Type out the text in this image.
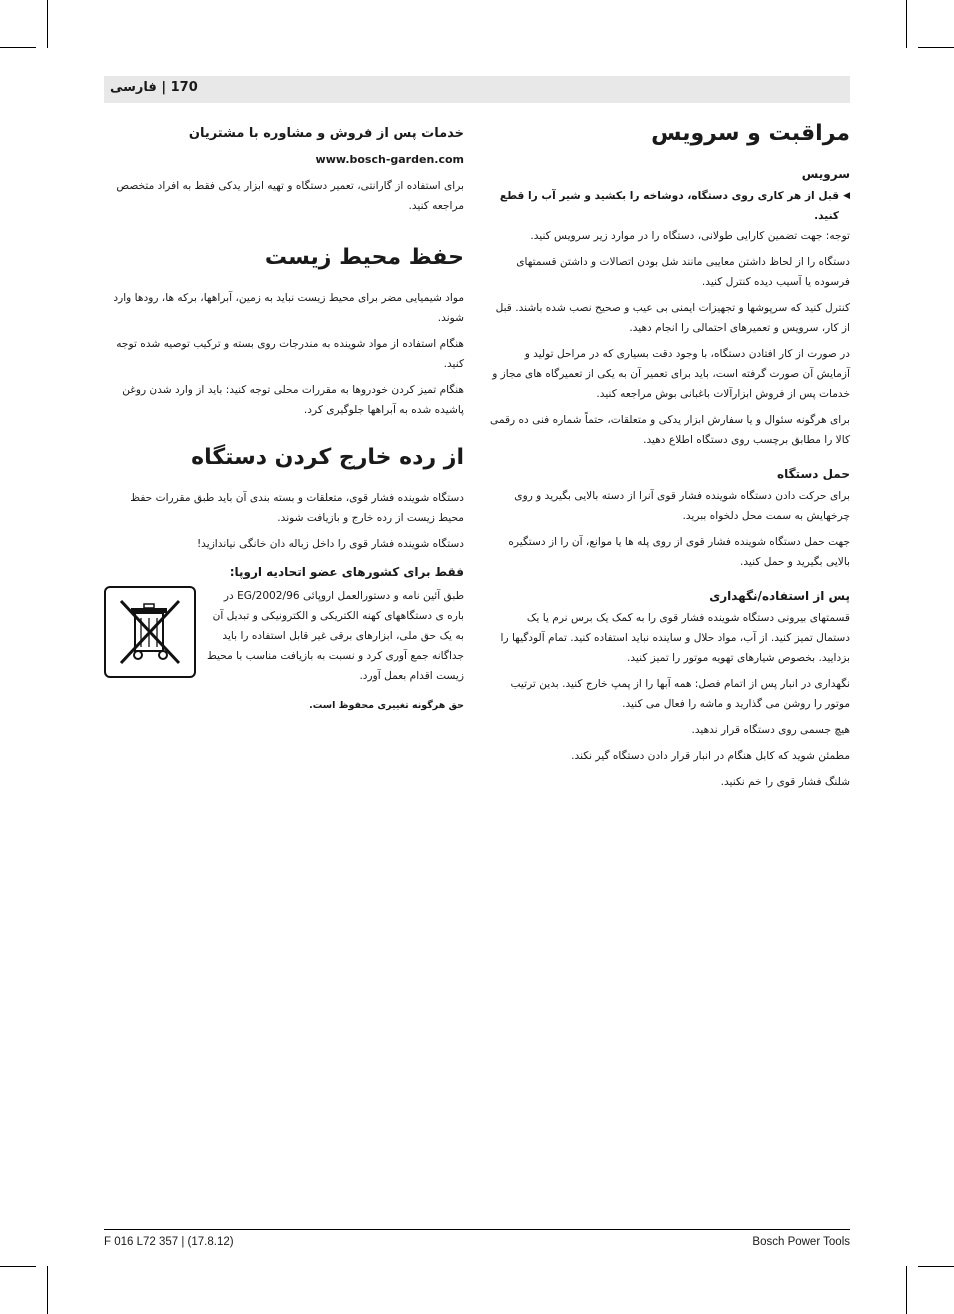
170 | فارسی
مراقبت و سرویس
سرویس
◀
قبل از هر کاری روی دستگاه، دوشاخه را بکشید و شیر آب را قطع کنید.

توجه: جهت تضمین کارایی طولانی، دستگاه را در موارد زیر سرویس کنید.

دستگاه را از لحاظ داشتن معایبی مانند شل بودن اتصالات و داشتن قسمتهای فرسوده یا آسیب دیده کنترل کنید.

کنترل کنید که سرپوشها و تجهیزات ایمنی بی عیب و صحیح نصب شده باشند. قبل از کار، سرویس و تعمیرهای احتمالی را انجام دهید.

در صورت از کار افتادن دستگاه، با وجود دقت بسیاری که در مراحل تولید و آزمایش آن صورت گرفته است، باید برای تعمیر آن به یکی از تعمیرگاه های مجاز و خدمات پس از فروش ابزارآلات باغبانی بوش مراجعه کنید.

برای هرگونه سئوال و یا سفارش ابزار یدکی و متعلقات، حتماً شماره فنی ده رقمی کالا را مطابق برچسب روی دستگاه اطلاع دهید.

حمل دستگاه

برای حرکت دادن دستگاه شوینده فشار قوی آنرا از دسته بالایی بگیرید و روی چرخهایش به سمت محل دلخواه ببرید.

جهت حمل دستگاه شوینده فشار قوی از روی پله ها یا موانع، آن را از دستگیره بالایی بگیرید و حمل کنید.

پس از استفاده/نگهداری

قسمتهای بیرونی دستگاه شوینده فشار قوی را به کمک یک برس نرم یا یک دستمال تمیز کنید. از آب، مواد حلال و ساینده نباید استفاده کنید. تمام آلودگیها را بزدایید. بخصوص شیارهای تهویه موتور را تمیز کنید.

نگهداری در انبار پس از اتمام فصل: همه آبها را از پمپ خارج کنید. بدین ترتیب موتور را روشن می گذارید و ماشه را فعال می کنید.

هیچ جسمی روی دستگاه قرار ندهید.

مطمئن شوید که کابل هنگام در انبار قرار دادن دستگاه گیر نکند.

شلنگ فشار قوی را خم نکنید.

خدمات پس از فروش و مشاوره با مشتریان
www.bosch-garden.com

برای استفاده از گارانتی، تعمیر دستگاه و تهیه ابزار یدکی فقط به افراد متخصص مراجعه کنید.

حفظ محیط زیست

مواد شیمیایی مضر برای محیط زیست نباید به زمین، آبراهها، برکه ها، رودها وارد شوند.

هنگام استفاده از مواد شوینده به مندرجات روی بسته و ترکیب توصیه شده توجه کنید.

هنگام تمیز کردن خودروها به مقررات محلی توجه کنید: باید از وارد شدن روغن پاشیده شده به آبراهها جلوگیری کرد.

از رده خارج کردن دستگاه

دستگاه شوینده فشار قوی، متعلقات و بسته بندی آن باید طبق مقررات حفظ محیط زیست از رده خارج و بازیافت شوند.

دستگاه شوینده فشار قوی را داخل زباله دان خانگی نیاندازید!

فقط برای کشورهای عضو اتحادیه اروپا:
طبق آئین نامه و دستورالعمل اروپائی 2002/96/EG در باره ی دستگاههای کهنه الکتریکی و الکترونیکی و تبدیل آن به یک حق ملی، ابزارهای برقی غیر قابل استفاده را باید جداگانه جمع آوری کرد و نسبت به بازیافت مناسب با محیط زیست اقدام بعمل آورد.

حق هرگونه تغییری محفوظ است.

F 016 L72 357 | (17.8.12)	Bosch Power Tools
